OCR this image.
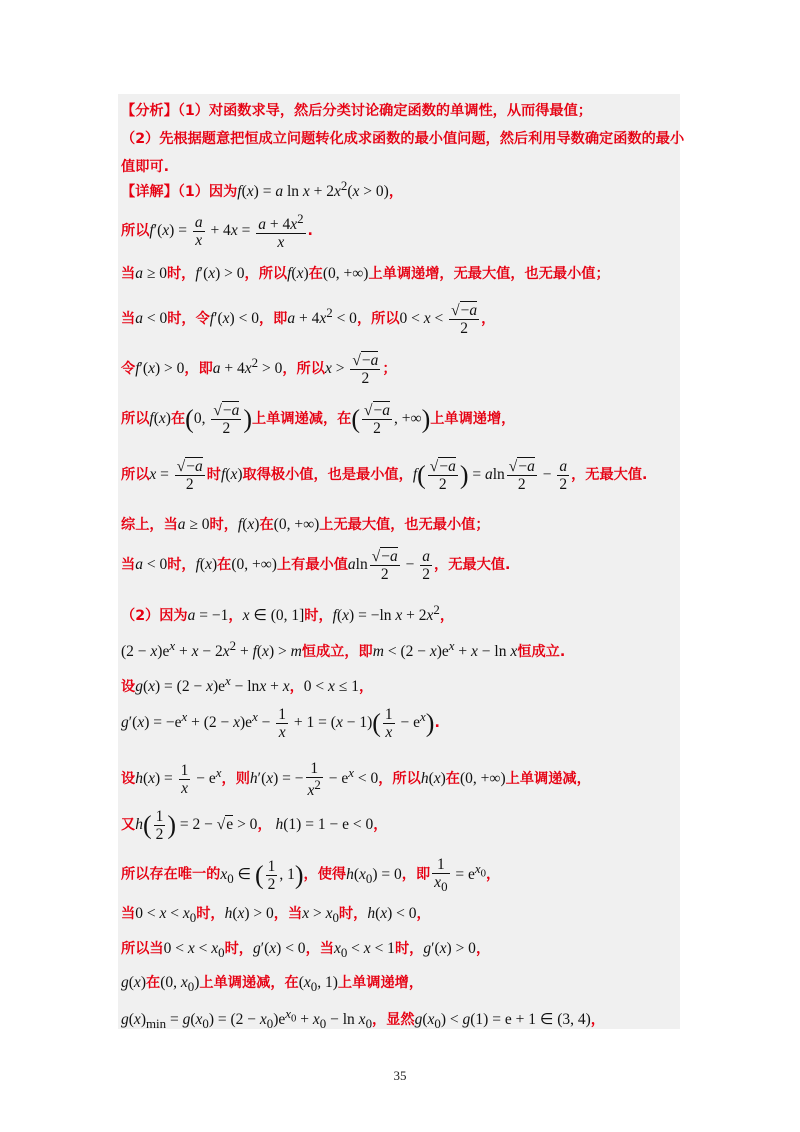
【分析】（1）对函数求导，然后分类讨论确定函数的单调性，从而得最值；
（2）先根据题意把恒成立问题转化成求函数的最小值问题，然后利用导数确定函数的最小
值即可.
【详解】（1）因为f(x) = a $\ln x + 2x^2(x > 0)$，
所以$f'(x) = \frac{a}{x} + 4x = \frac{a + 4x^2}{x}$ .
当a ≥ 0时，f′(x) > 0，所以f(x)在(0, +∞)上单调递增，无最大值，也无最小值；
当a < 0时，令f′(x) < 0，即$a + 4x^2 < 0$，所以$0 < x < \frac{√-a}{2}$ ，
令f′(x) > 0，即$a + 4x^2 > 0$，所以$x > \frac{√-a}{2}$ ；
所以f(x)在(0, $\frac{√-a}{2}$ )上单调递减，在( $\frac{√-a}{2}$ , +∞)上单调递增，
所以$x = \frac{√-a}{2}$ 时f(x)取得极小值，也是最小值，$f( \frac{√-a}{2}$ ) = aln $\frac{√-a}{2} - \frac{a}{2}$ ，无最大值.
综上，当a ≥ 0时，f(x)在(0, +∞)上无最大值，也无最小值；
当a < 0时，f(x)在(0, +∞)上有最小值aln $\frac{√-a}{2} - \frac{a}{2}$ ，无最大值.
（2）因为a = −1，x ∈ (0, 1]时，f(x) = −ln $x + 2x^2$，
$(2 - x)e^x + x - 2x^2 + f(x) > m$恒成立，即$m < (2 - x)e^x + x - \ln x$恒成立.
设$g(x) = (2 - x)e^x - \ln x + x$，0 < x ≤ 1，
$g'(x) = -e^x + (2 - x)e^x - \frac{1}{x} + 1 = (x - 1)( \frac{1}{x} - e^x)$.
设$h(x) = \frac{1}{x} - e^x$，则h′(x) = − $\frac{1}{x^2} - e^x < 0$，所以h(x)在(0, +∞)上单调递减，
又$h( \frac{1}{2}$ ) = 2 − √e > 0， h(1) = 1 − e < 0，
所以存在唯一的$x_0$ ∈ ( $\frac{1}{2}$ , 1)，使得$h(x_0) = 0$，即 $\frac{1}{x_0} = e^{x_0}$，
当$0 < x < x_0$时，h(x) > 0，当$x > x_0$时，h(x) < 0，
所以当$0 < x < x_0$时，g′(x) < 0，当$x_0 < x < 1$时，g′(x) > 0，
g(x)在(0, $x_0$)上单调递减，在($x_0$, 1)上单调递增，
$g(x)_{min} = g(x_0) = (2 - x_0)e^{x_0} + x_0 - \ln x_0$，显然$g(x_0) < g(1) = e + 1$ ∈ (3, 4)，
35
